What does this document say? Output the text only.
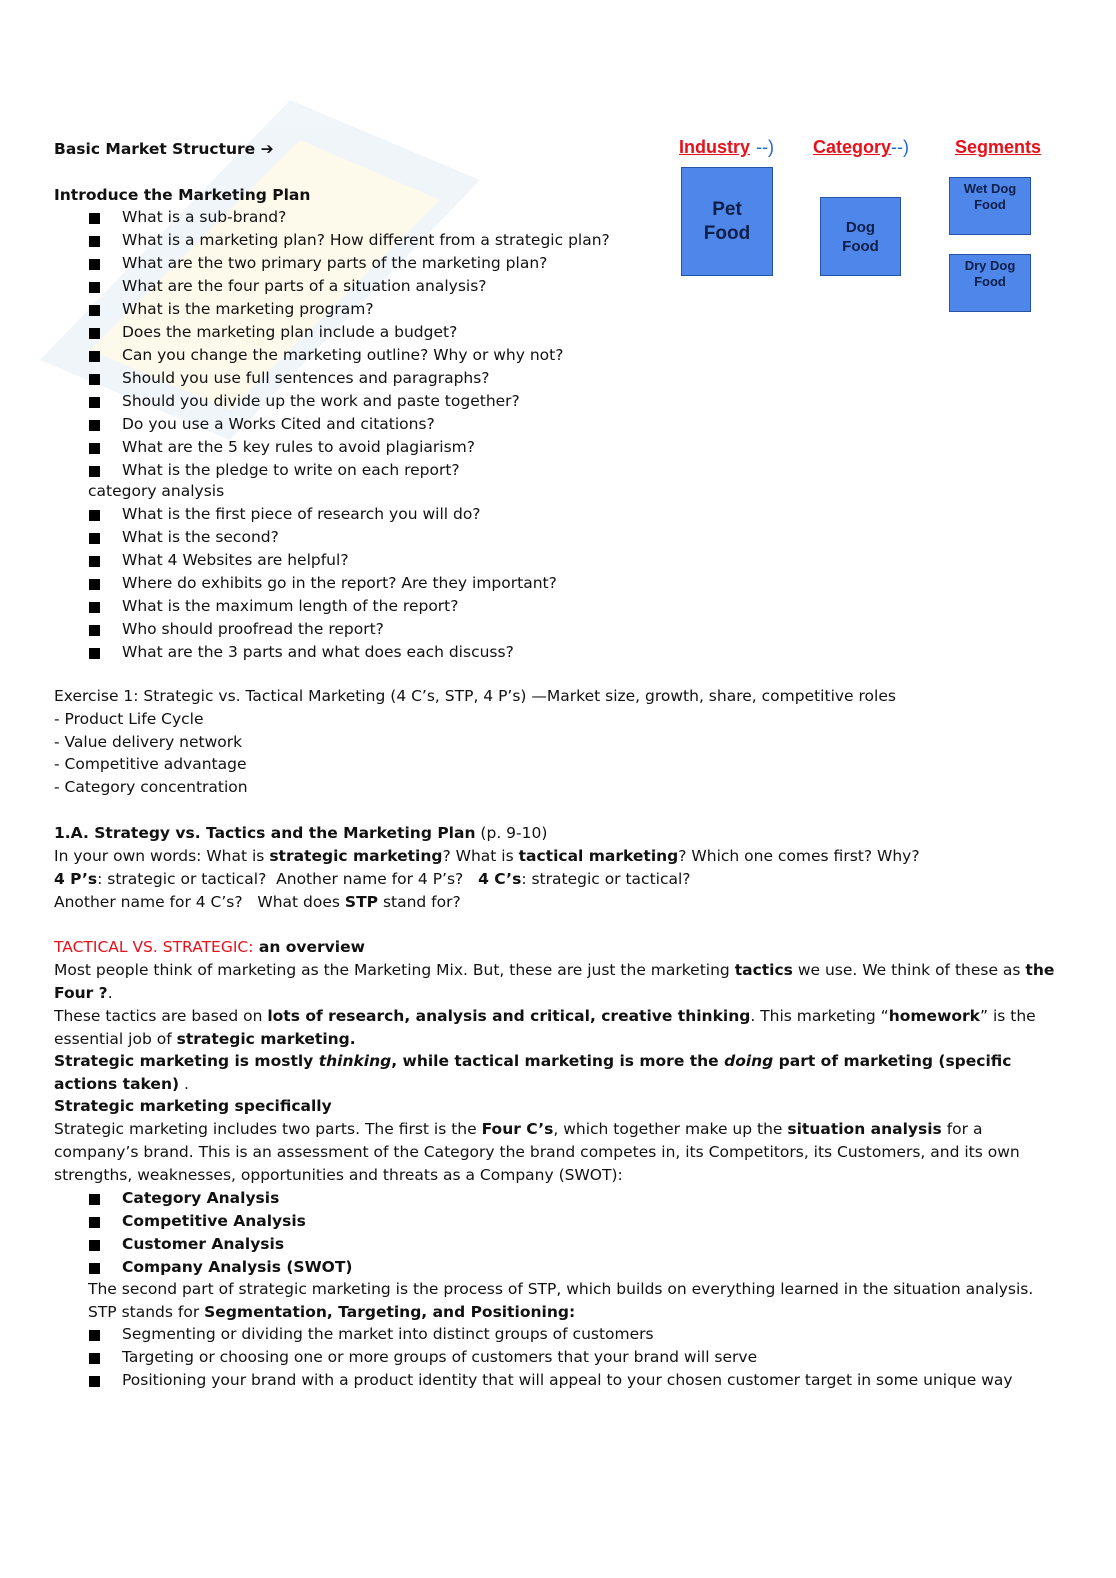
Basic Market Structure ➔	Industry --) Category--)	Segments
Pet Food	Dog Food
Wet Dog Food
Dry Dog Food
Introduce the Marketing Plan
What is a sub-brand?
What is a marketing plan? How different from a strategic plan?
What are the two primary parts of the marketing plan?
What are the four parts of a situation analysis?
What is the marketing program?
Does the marketing plan include a budget?
Can you change the marketing outline? Why or why not?
Should you use full sentences and paragraphs?
Should you divide up the work and paste together?
Do you use a Works Cited and citations?
What are the 5 key rules to avoid plagiarism?
What is the pledge to write on each report?
category analysis
What is the first piece of research you will do?
What is the second?
What 4 Websites are helpful?
Where do exhibits go in the report? Are they important?
What is the maximum length of the report?
Who should proofread the report?
What are the 3 parts and what does each discuss?
Exercise 1: Strategic vs. Tactical Marketing (4 C’s, STP, 4 P’s) —Market size, growth, share, competitive roles
- Product Life Cycle
- Value delivery network
- Competitive advantage
- Category concentration
1.A. Strategy vs. Tactics and the Marketing Plan (p. 9-10)
In your own words: What is strategic marketing? What is tactical marketing? Which one comes first? Why?
4 P’s: strategic or tactical?  Another name for 4 P’s?   4 C’s: strategic or tactical?
Another name for 4 C’s?   What does STP stand for?
TACTICAL VS. STRATEGIC: an overview
Most people think of marketing as the Marketing Mix. But, these are just the marketing tactics we use. We think of these as the Four ?.
These tactics are based on lots of research, analysis and critical, creative thinking. This marketing “homework” is the essential job of strategic marketing.
Strategic marketing is mostly thinking, while tactical marketing is more the doing part of marketing (specific actions taken) .
Strategic marketing specifically
Strategic marketing includes two parts. The first is the Four C’s, which together make up the situation analysis for a company’s brand. This is an assessment of the Category the brand competes in, its Competitors, its Customers, and its own strengths, weaknesses, opportunities and threats as a Company (SWOT):
Category Analysis
Competitive Analysis
Customer Analysis
Company Analysis (SWOT)
The second part of strategic marketing is the process of STP, which builds on everything learned in the situation analysis. STP stands for Segmentation, Targeting, and Positioning:
Segmenting or dividing the market into distinct groups of customers
Targeting or choosing one or more groups of customers that your brand will serve
Positioning your brand with a product identity that will appeal to your chosen customer target in some unique way
